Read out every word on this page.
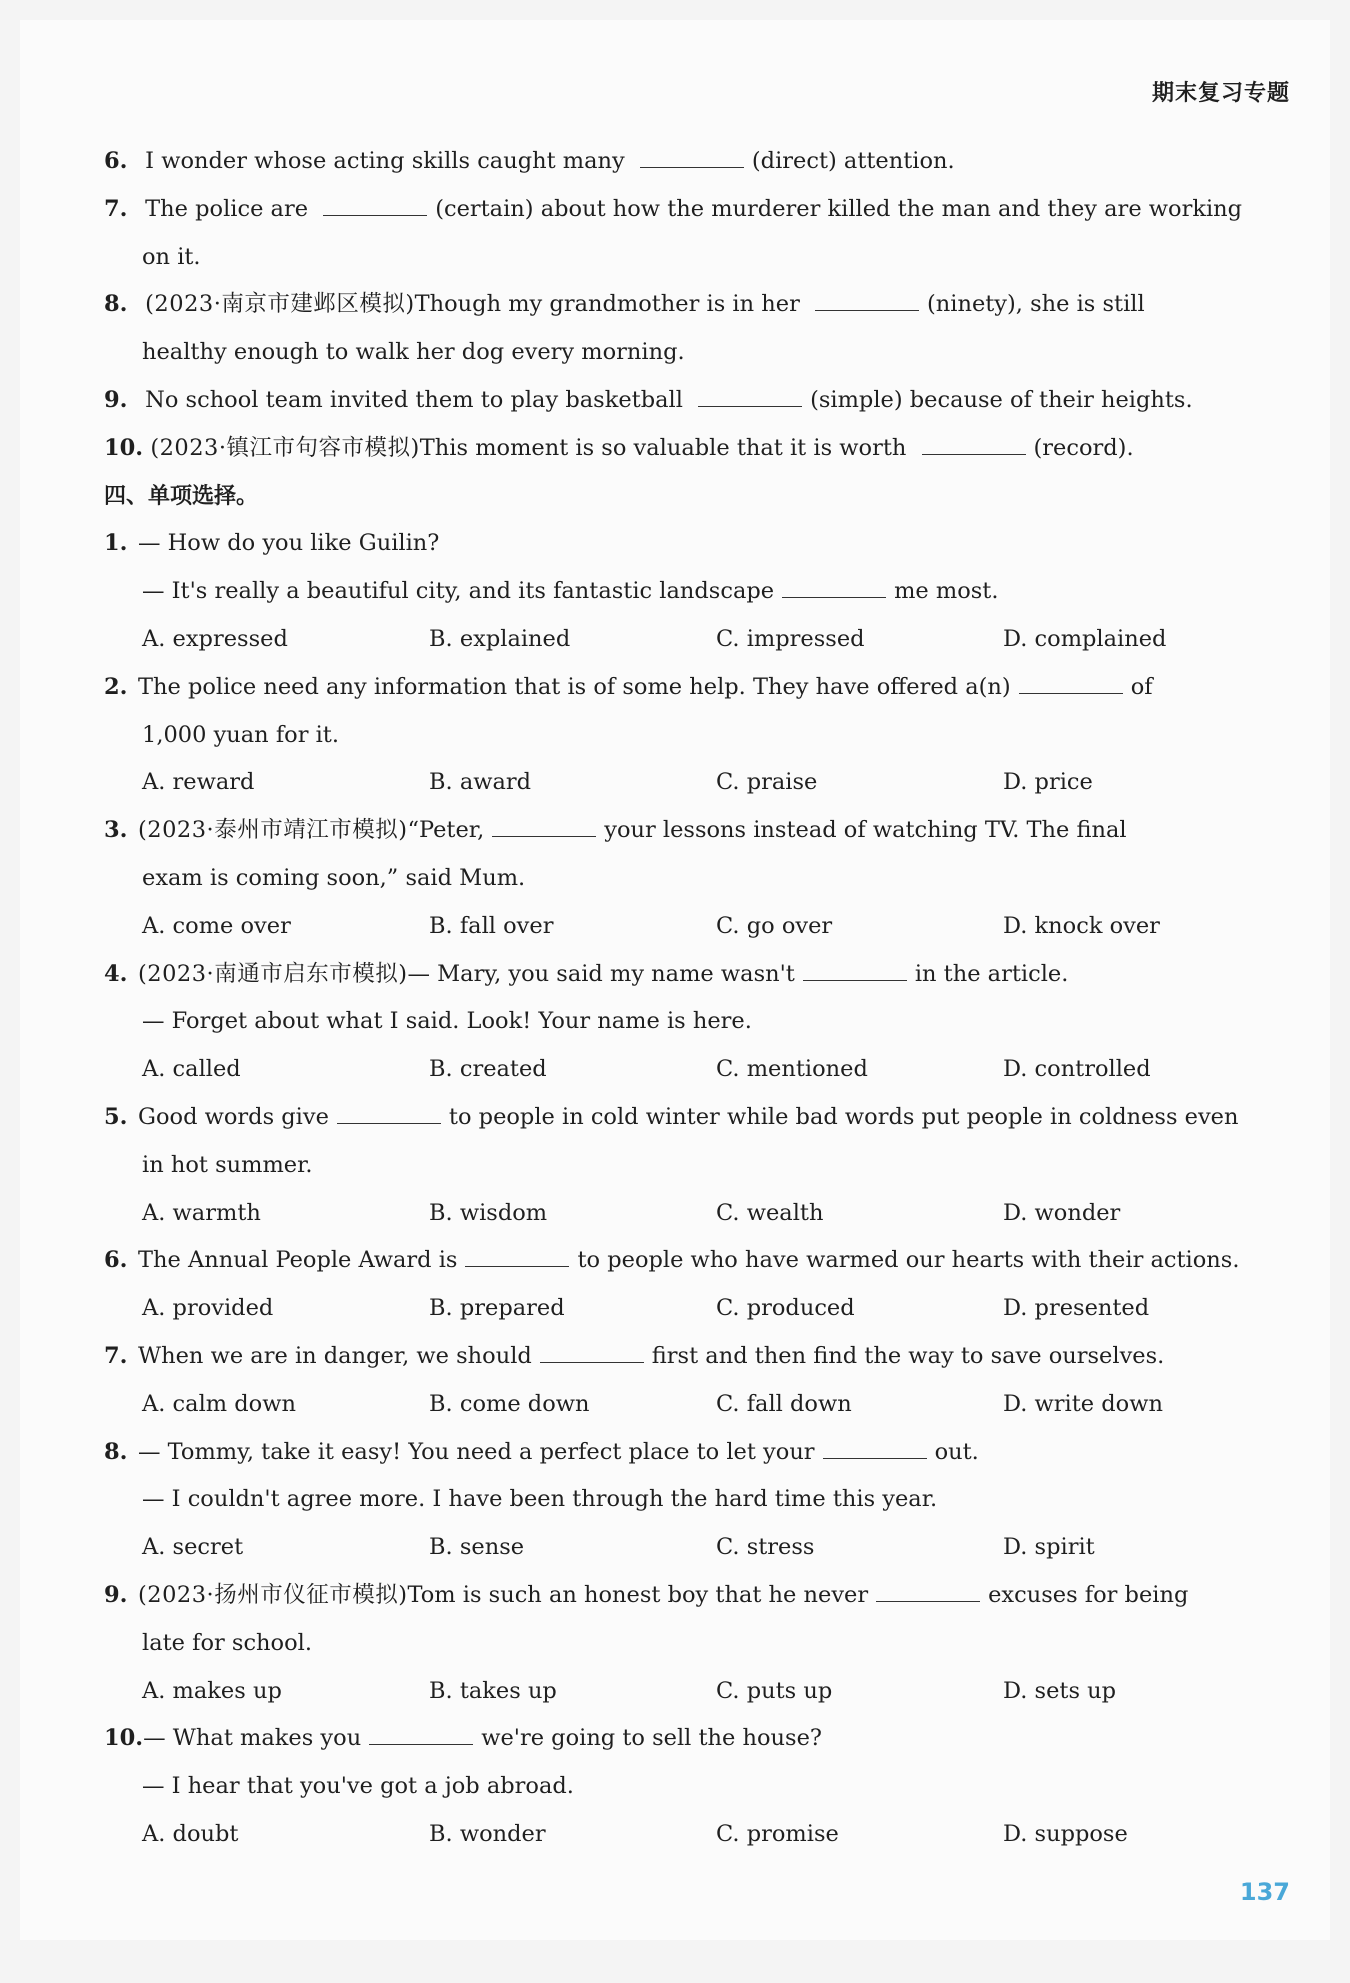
期末复习专题
6. I wonder whose acting skills caught many	(direct) attention.
7. The police are	(certain) about how the murderer killed the man and they are working
on it.
8. (2023·南京市建邺区模拟)Though my grandmother is in her	(ninety), she is still
healthy enough to walk her dog every morning.
9. No school team invited them to play basketball	(simple) because of their heights.
10. (2023·镇江市句容市模拟)This moment is so valuable that it is worth	(record).
四、单项选择。
1. — How do you like Guilin?
— It's really a beautiful city, and its fantastic landscape	me most.
A. expressed	B. explained	C. impressed	D. complained
2. The police need any information that is of some help. They have offered a(n)	of
1,000 yuan for it.
A. reward	B. award	C. praise	D. price
3. (2023·泰州市靖江市模拟)“Peter,	your lessons instead of watching TV. The final
exam is coming soon,” said Mum.
A. come over	B. fall over	C. go over	D. knock over
4. (2023·南通市启东市模拟)— Mary, you said my name wasn't	in the article.
— Forget about what I said. Look! Your name is here.
A. called	B. created	C. mentioned	D. controlled
5. Good words give	to people in cold winter while bad words put people in coldness even
in hot summer.
A. warmth	B. wisdom	C. wealth	D. wonder
6. The Annual People Award is	to people who have warmed our hearts with their actions.
A. provided	B. prepared	C. produced	D. presented
7. When we are in danger, we should	first and then find the way to save ourselves.
A. calm down	B. come down	C. fall down	D. write down
8. — Tommy, take it easy! You need a perfect place to let your	out.
— I couldn't agree more. I have been through the hard time this year.
A. secret	B. sense	C. stress	D. spirit
9. (2023·扬州市仪征市模拟)Tom is such an honest boy that he never	excuses for being
late for school.
A. makes up	B. takes up	C. puts up	D. sets up
10.— What makes you	we're going to sell the house?
— I hear that you've got a job abroad.
A. doubt	B. wonder	C. promise	D. suppose
137
